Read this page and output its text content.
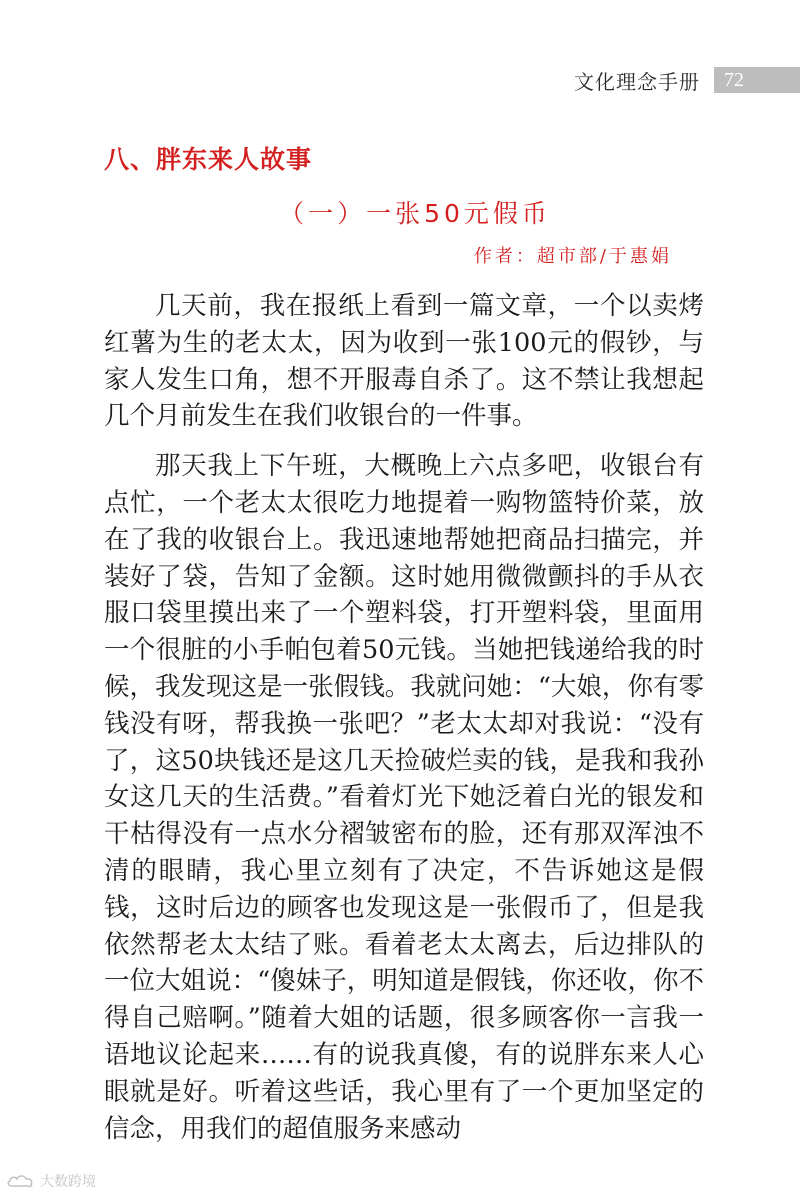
文化理念手册	72
八、胖东来人故事
（一）一张50元假币
作者：超市部/于惠娟

几天前，我在报纸上看到一篇文章，一个以卖烤红薯为生的老太太，因为收到一张100元的假钞，与家人发生口角，想不开服毒自杀了。这不禁让我想起几个月前发生在我们收银台的一件事。

那天我上下午班，大概晚上六点多吧，收银台有点忙，一个老太太很吃力地提着一购物篮特价菜，放在了我的收银台上。我迅速地帮她把商品扫描完，并装好了袋，告知了金额。这时她用微微颤抖的手从衣服口袋里摸出来了一个塑料袋，打开塑料袋，里面用一个很脏的小手帕包着50元钱。当她把钱递给我的时候，我发现这是一张假钱。我就问她：“大娘，你有零钱没有呀，帮我换一张吧？”老太太却对我说：“没有了，这50块钱还是这几天捡破烂卖的钱，是我和我孙女这几天的生活费。”看着灯光下她泛着白光的银发和干枯得没有一点水分褶皱密布的脸，还有那双浑浊不清的眼睛，我心里立刻有了决定，不告诉她这是假钱，这时后边的顾客也发现这是一张假币了，但是我依然帮老太太结了账。看着老太太离去，后边排队的一位大姐说：“傻妹子，明知道是假钱，你还收，你不得自己赔啊。”随着大姐的话题，很多顾客你一言我一语地议论起来……有的说我真傻，有的说胖东来人心眼就是好。听着这些话，我心里有了一个更加坚定的信念，用我们的超值服务来感动

大数跨境
